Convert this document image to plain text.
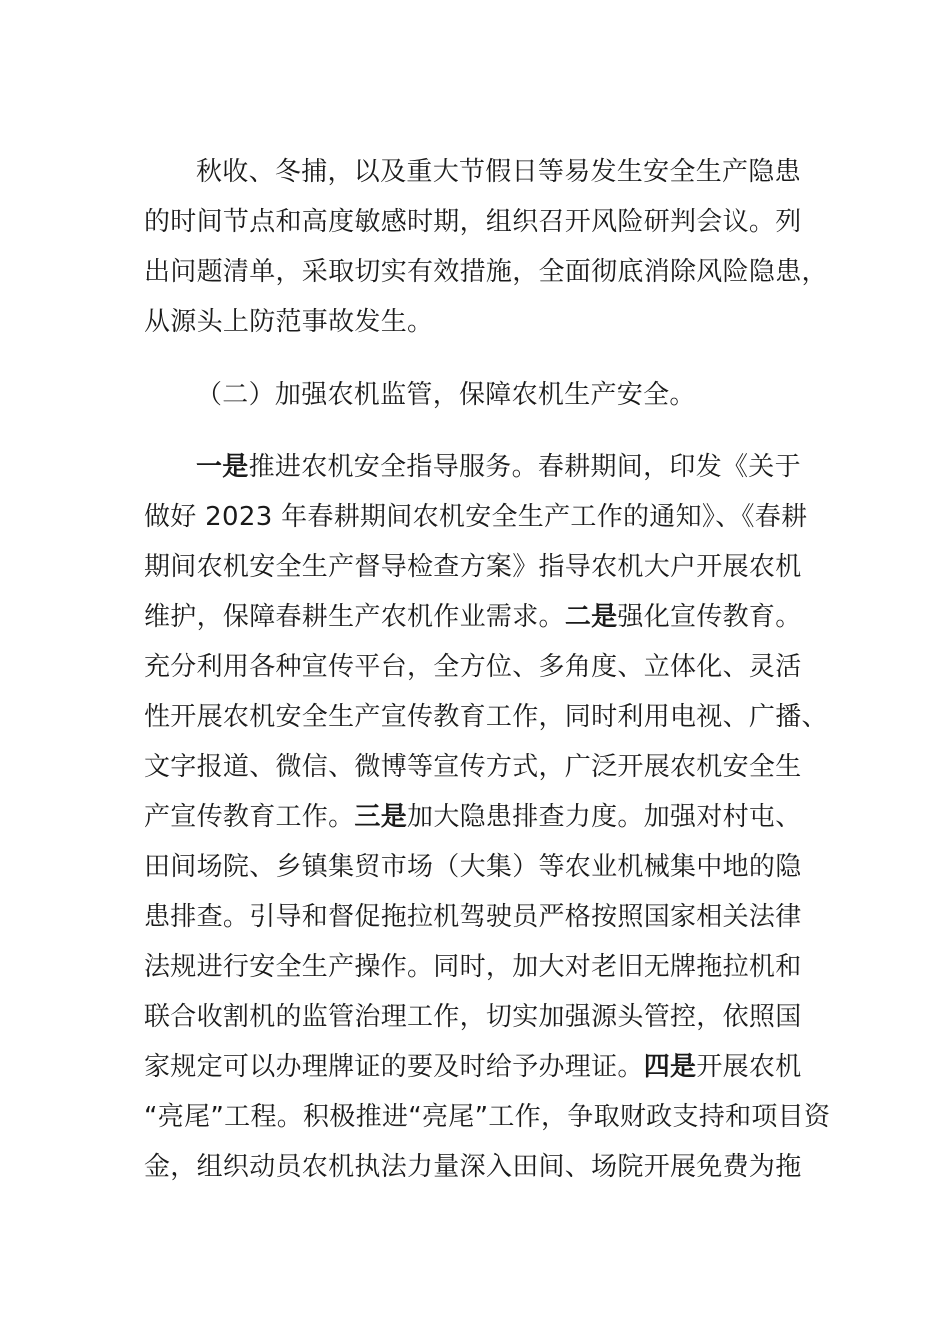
秋收、冬捕，以及重大节假日等易发生安全生产隐患
的时间节点和高度敏感时期，组织召开风险研判会议。列
出问题清单，采取切实有效措施，全面彻底消除风险隐患，
从源头上防范事故发生。
（二）加强农机监管，保障农机生产安全。
一是推进农机安全指导服务。春耕期间，印发《关于
做好 2023 年春耕期间农机安全生产工作的通知》、《春耕
期间农机安全生产督导检查方案》指导农机大户开展农机
维护，保障春耕生产农机作业需求。二是强化宣传教育。
充分利用各种宣传平台，全方位、多角度、立体化、灵活
性开展农机安全生产宣传教育工作，同时利用电视、广播、
文字报道、微信、微博等宣传方式，广泛开展农机安全生
产宣传教育工作。三是加大隐患排查力度。加强对村屯、
田间场院、乡镇集贸市场（大集）等农业机械集中地的隐
患排查。引导和督促拖拉机驾驶员严格按照国家相关法律
法规进行安全生产操作。同时，加大对老旧无牌拖拉机和
联合收割机的监管治理工作，切实加强源头管控，依照国
家规定可以办理牌证的要及时给予办理证。四是开展农机
“亮尾”工程。积极推进“亮尾”工作，争取财政支持和项目资
金，组织动员农机执法力量深入田间、场院开展免费为拖
